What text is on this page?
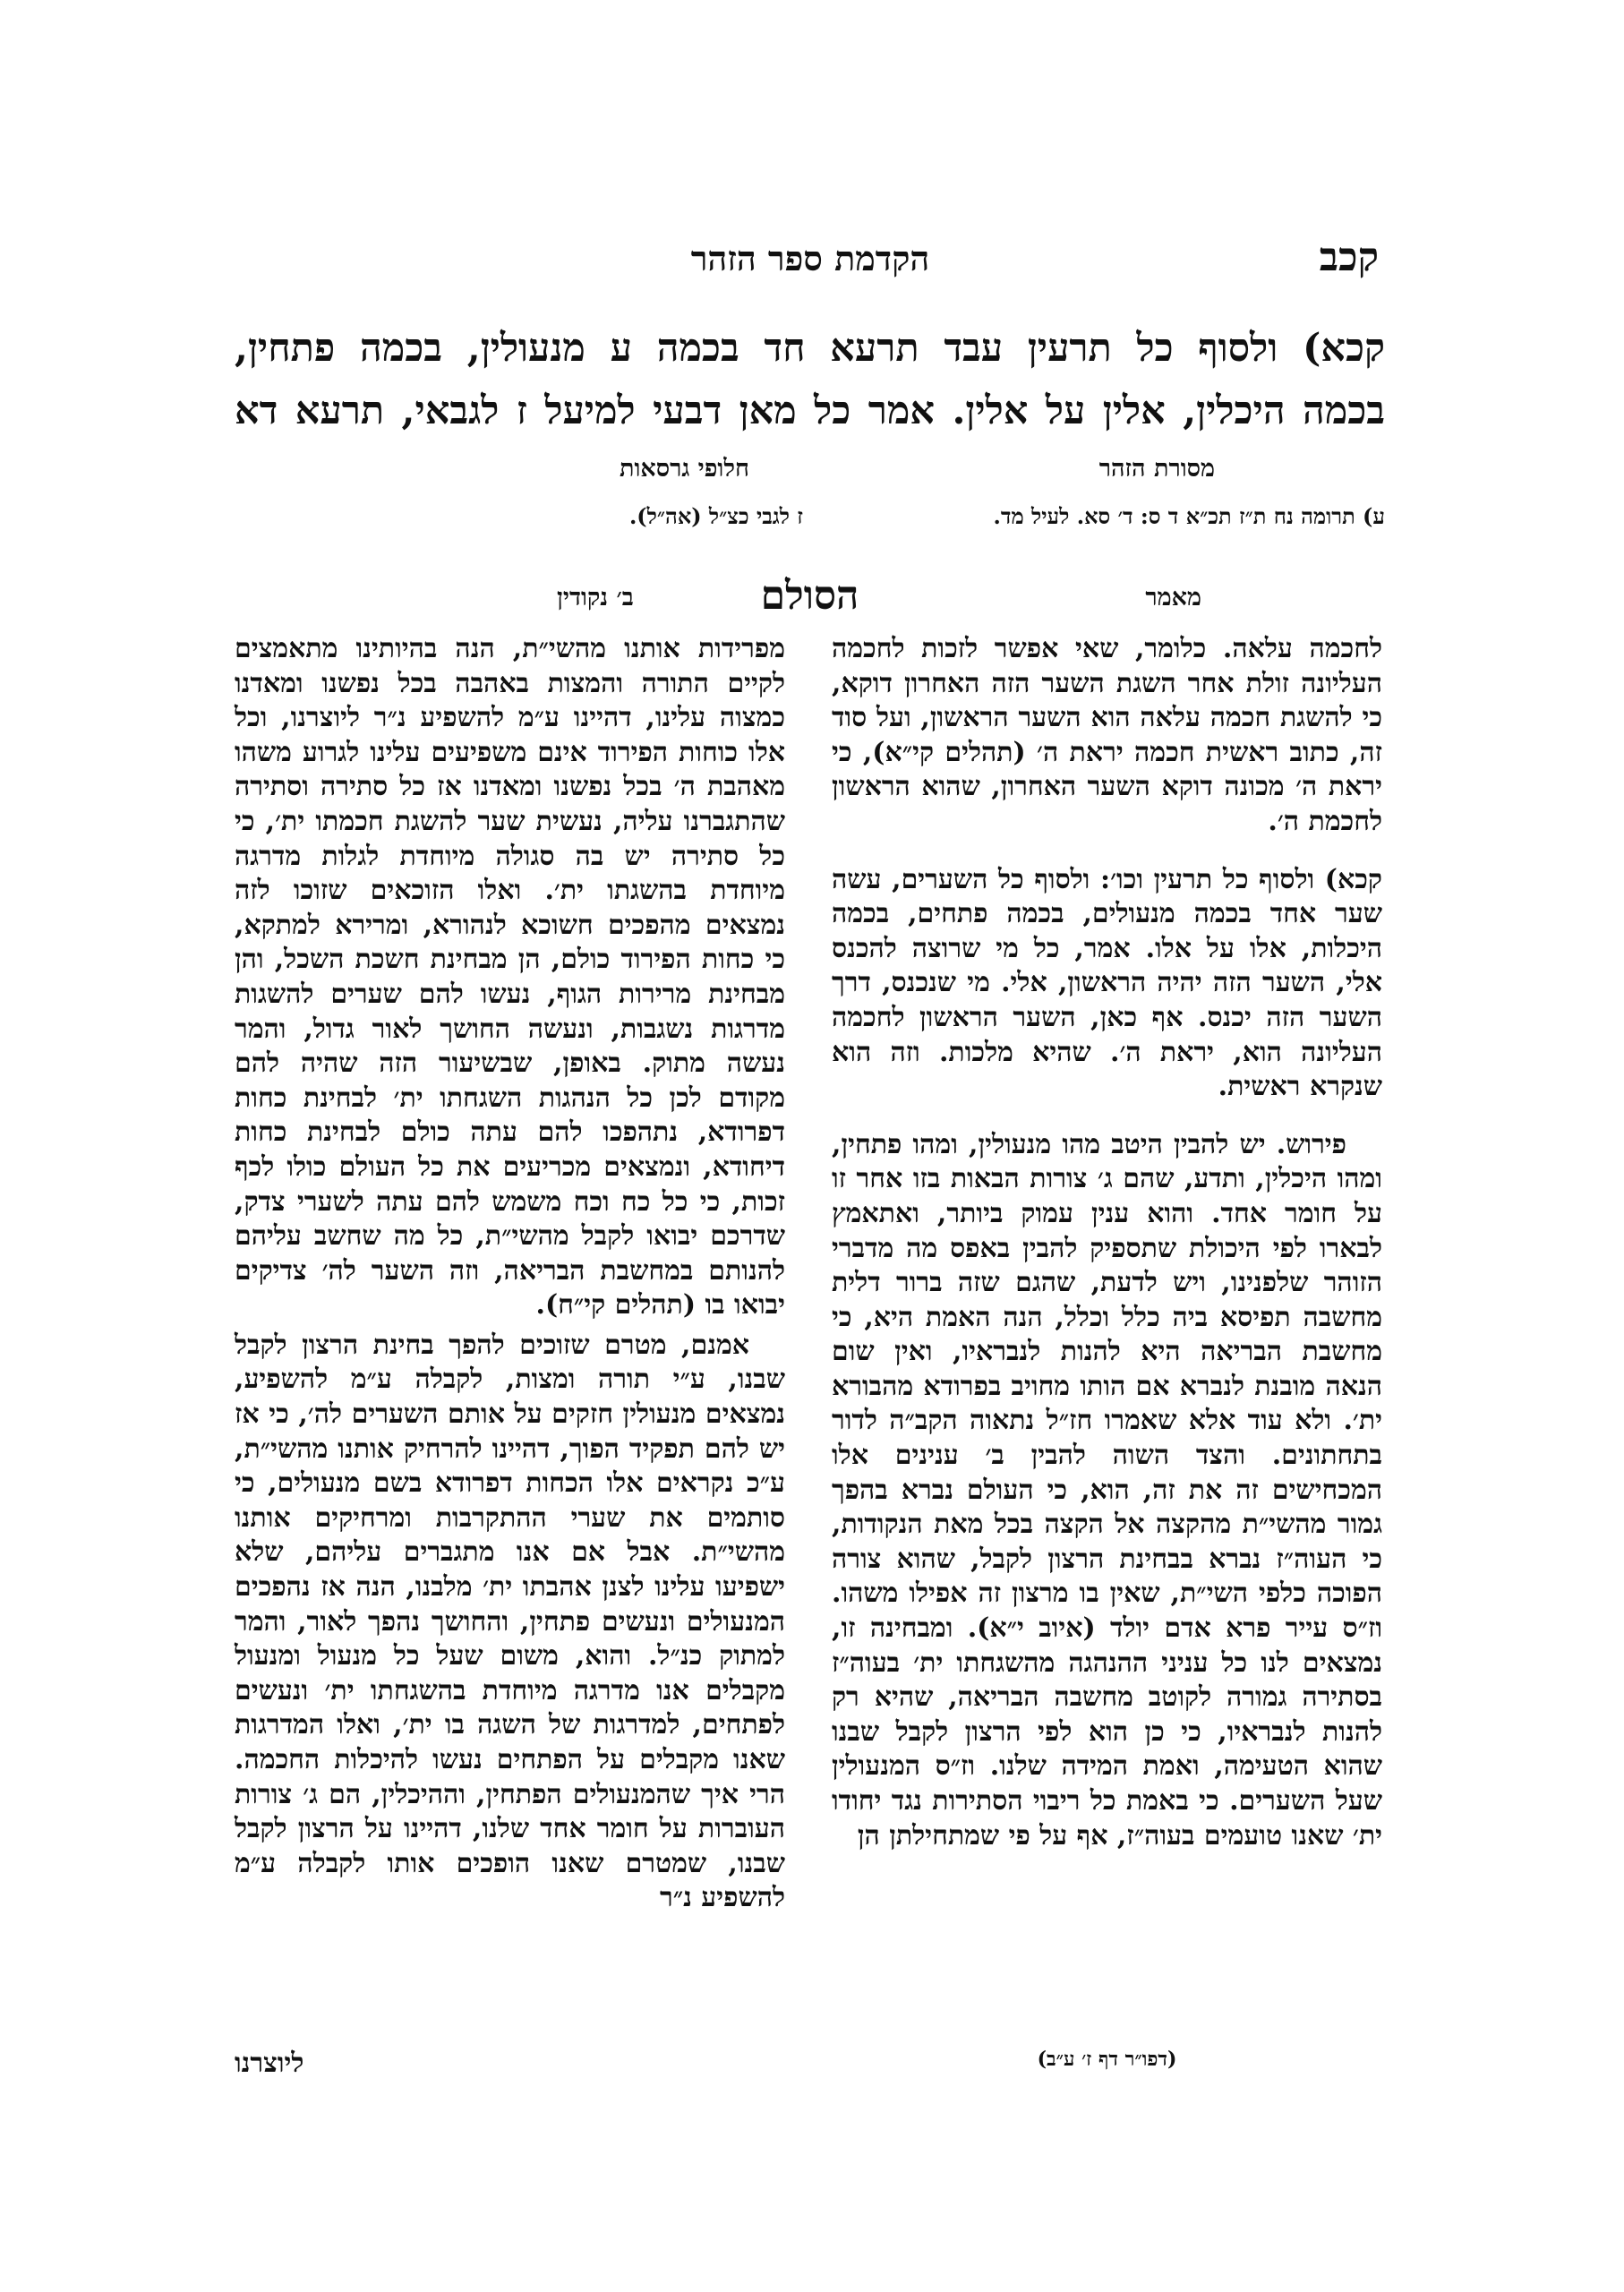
קכב
הקדמת ספר הזהר
קכא) ולסוף כל תרעין עבד תרעא חד בכמה ע מנעולין, בכמה פתחין,
בכמה היכלין, אלין על אלין. אמר כל מאן דבעי למיעל ז לגבאי, תרעא דא
מסורת הזהר
חלופי גרסאות
ע) תרומה נח ת״ז תכ״א ד ס: ד׳ סא. לעיל מד.
ז לגבי כצ״ל (אה״ל).
מאמר
הסולם
ב׳ נקודין

לחכמה עלאה. כלומר, שאי אפשר לזכות לחכמה העליונה זולת אחר השגת השער הזה האחרון דוקא, כי להשגת חכמה עלאה הוא השער הראשון, ועל סוד זה, כתוב ראשית חכמה יראת ה׳ (תהלים קי״א), כי יראת ה׳ מכונה דוקא השער האחרון, שהוא הראשון לחכמת ה׳.

קכא) ולסוף כל תרעין וכו׳: ולסוף כל השערים, עשה שער אחד בכמה מנעולים, בכמה פתחים, בכמה היכלות, אלו על אלו. אמר, כל מי שרוצה להכנס אלי, השער הזה יהיה הראשון, אלי. מי שנכנס, דרך השער הזה יכנס. אף כאן, השער הראשון לחכמה העליונה הוא, יראת ה׳. שהיא מלכות. וזה הוא שנקרא ראשית.

פירוש. יש להבין היטב מהו מנעולין, ומהו פתחין, ומהו היכלין, ותדע, שהם ג׳ צורות הבאות בזו אחר זו על חומר אחד. והוא ענין עמוק ביותר, ואתאמץ לבארו לפי היכולת שתספיק להבין באפס מה מדברי הזוהר שלפנינו, ויש לדעת, שהגם שזה ברור דלית מחשבה תפיסא ביה כלל וכלל, הנה האמת היא, כי מחשבת הבריאה היא להנות לנבראיו, ואין שום הנאה מובנת לנברא אם הותו מחויב בפרודא מהבורא ית׳. ולא עוד אלא שאמרו חז״ל נתאוה הקב״ה לדור בתחתונים. והצד השוה להבין ב׳ ענינים אלו המכחישים זה את זה, הוא, כי העולם נברא בהפך גמור מהשי״ת מהקצה אל הקצה בכל מאת הנקודות, כי העוה״ז נברא בבחינת הרצון לקבל, שהוא צורה הפוכה כלפי השי״ת, שאין בו מרצון זה אפילו משהו. וז״ס עייר פרא אדם יולד (איוב י״א). ומבחינה זו, נמצאים לנו כל עניני ההנהגה מהשגחתו ית׳ בעוה״ז בסתירה גמורה לקוטב מחשבה הבריאה, שהיא רק להנות לנבראיו, כי כן הוא לפי הרצון לקבל שבנו שהוא הטעימה, ואמת המידה שלנו. וז״ס המנעולין שעל השערים. כי באמת כל ריבוי הסתירות נגד יחודו ית׳ שאנו טועמים בעוה״ז, אף על פי שמתחילתן הן

מפרידות אותנו מהשי״ת, הנה בהיותינו מתאמצים לקיים התורה והמצות באהבה בכל נפשנו ומאדנו כמצוה עלינו, דהיינו ע״מ להשפיע נ״ר ליוצרנו, וכל אלו כוחות הפירוד אינם משפיעים עלינו לגרוע משהו מאהבת ה׳ בכל נפשנו ומאדנו אז כל סתירה וסתירה שהתגברנו עליה, נעשית שער להשגת חכמתו ית׳, כי כל סתירה יש בה סגולה מיוחדת לגלות מדרגה מיוחדת בהשגתו ית׳. ואלו הזוכאים שזוכו לזה נמצאים מהפכים חשוכא לנהורא, ומרירא למתקא, כי כחות הפירוד כולם, הן מבחינת חשכת השכל, והן מבחינת מרירות הגוף, נעשו להם שערים להשגות מדרגות נשגבות, ונעשה החושך לאור גדול, והמר נעשה מתוק. באופן, שבשיעור הזה שהיה להם מקודם לכן כל הנהגות השגחתו ית׳ לבחינת כחות דפרודא, נתהפכו להם עתה כולם לבחינת כחות דיחודא, ונמצאים מכריעים את כל העולם כולו לכף זכות, כי כל כח וכח משמש להם עתה לשערי צדק, שדרכם יבואו לקבל מהשי״ת, כל מה שחשב עליהם להנותם במחשבת הבריאה, וזה השער לה׳ צדיקים יבואו בו (תהלים קי״ח).

אמנם, מטרם שזוכים להפך בחינת הרצון לקבל שבנו, ע״י תורה ומצות, לקבלה ע״מ להשפיע, נמצאים מנעולין חזקים על אותם השערים לה׳, כי אז יש להם תפקיד הפוך, דהיינו להרחיק אותנו מהשי״ת, ע״כ נקראים אלו הכחות דפרודא בשם מנעולים, כי סותמים את שערי ההתקרבות ומרחיקים אותנו מהשי״ת. אבל אם אנו מתגברים עליהם, שלא ישפיעו עלינו לצנן אהבתו ית׳ מלבנו, הנה אז נהפכים המנעולים ונעשים פתחין, והחושך נהפך לאור, והמר למתוק כנ״ל. והוא, משום שעל כל מנעול ומנעול מקבלים אנו מדרגה מיוחדת בהשגחתו ית׳ ונעשים לפתחים, למדרגות של השגה בו ית׳, ואלו המדרגות שאנו מקבלים על הפתחים נעשו להיכלות החכמה. הרי איך שהמנעולים הפתחין, וההיכלין, הם ג׳ צורות העוברות על חומר אחד שלנו, דהיינו על הרצון לקבל שבנו, שמטרם שאנו הופכים אותו לקבלה ע״מ להשפיע נ״ר

(דפו״ר דף ז׳ ע״ב)
ליוצרנו
